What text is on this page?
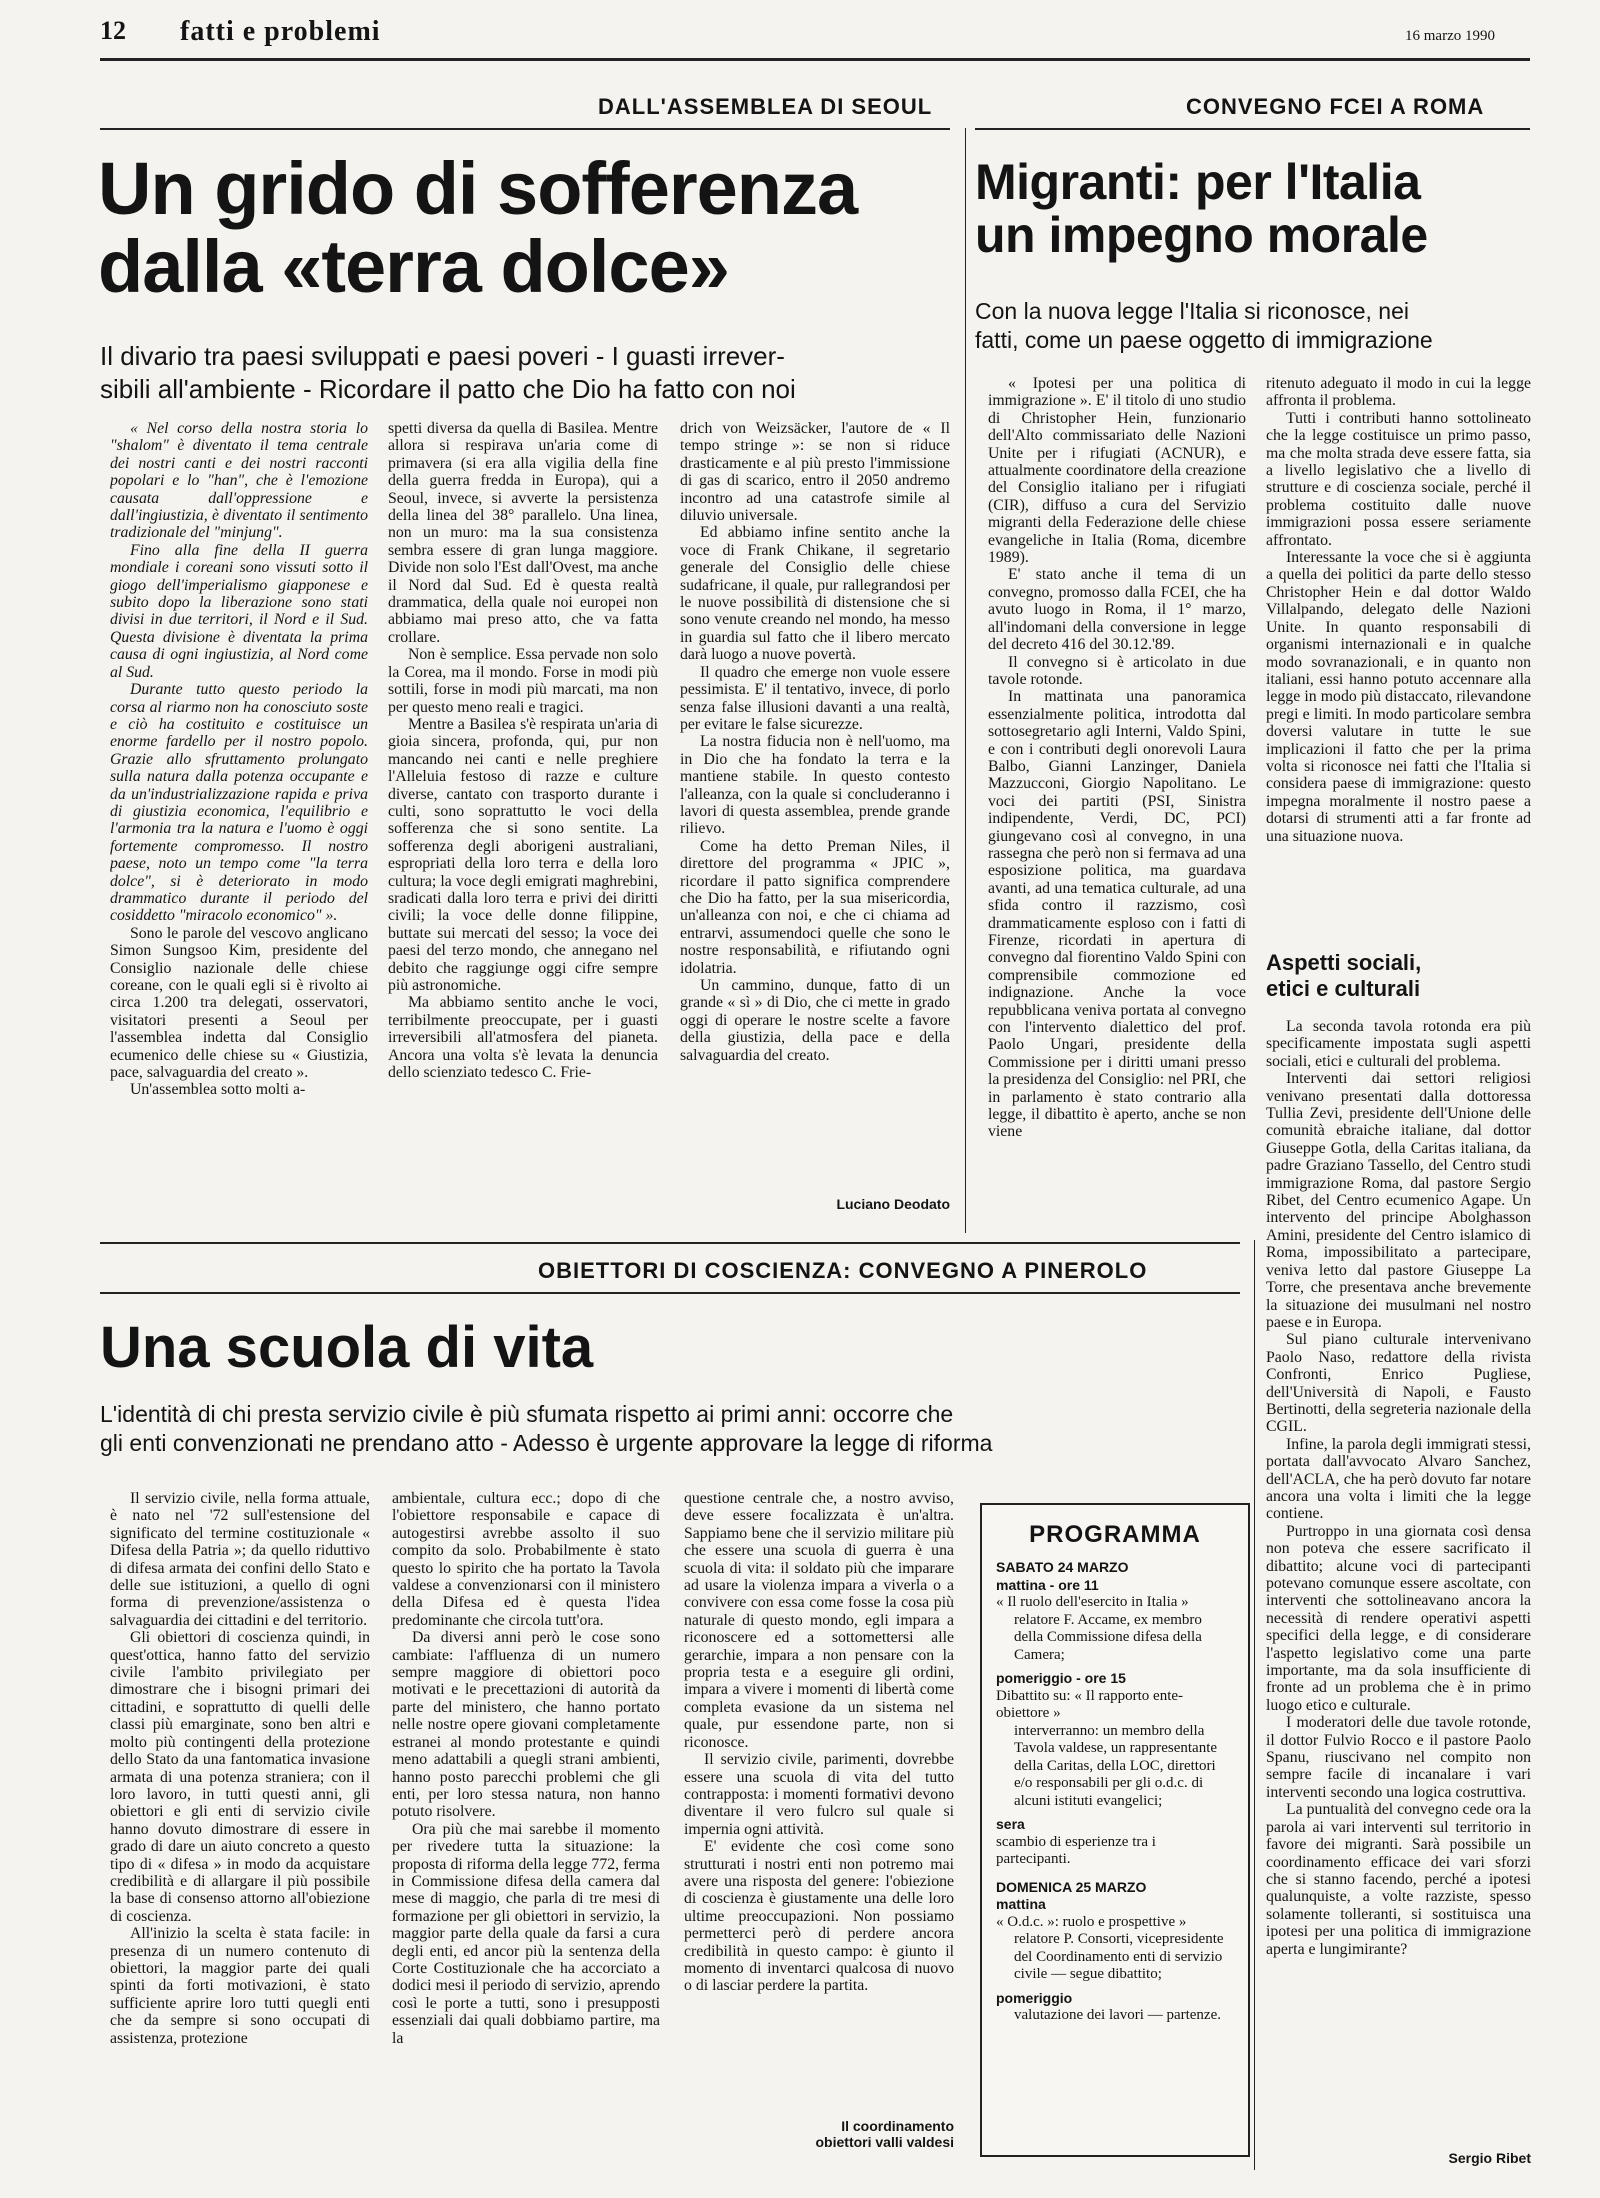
12 fatti e problemi	16 marzo 1990
DALL'ASSEMBLEA DI SEOUL
Un grido di sofferenza
dalla «terra dolce»
Il divario tra paesi sviluppati e paesi poveri - I guasti irrever-
sibili all'ambiente - Ricordare il patto che Dio ha fatto con noi

« Nel corso della nostra storia lo "shalom" è diventato il tema centrale dei nostri canti e dei nostri racconti popolari e lo "han", che è l'emozione causata dall'oppressione e dall'ingiustizia, è diventato il sentimento tradizionale del "minjung".

Fino alla fine della II guerra mondiale i coreani sono vissuti sotto il giogo dell'imperialismo giapponese e subito dopo la liberazione sono stati divisi in due territori, il Nord e il Sud. Questa divisione è diventata la prima causa di ogni ingiustizia, al Nord come al Sud.

Durante tutto questo periodo la corsa al riarmo non ha conosciuto soste e ciò ha costituito e costituisce un enorme fardello per il nostro popolo. Grazie allo sfruttamento prolungato sulla natura dalla potenza occupante e da un'industrializzazione rapida e priva di giustizia economica, l'equilibrio e l'armonia tra la natura e l'uomo è oggi fortemente compromesso. Il nostro paese, noto un tempo come "la terra dolce", si è deteriorato in modo drammatico durante il periodo del cosiddetto "miracolo economico" ».

Sono le parole del vescovo anglicano Simon Sungsoo Kim, presidente del Consiglio nazionale delle chiese coreane, con le quali egli si è rivolto ai circa 1.200 tra delegati, osservatori, visitatori presenti a Seoul per l'assemblea indetta dal Consiglio ecumenico delle chiese su « Giustizia, pace, salvaguardia del creato ».

Un'assemblea sotto molti a-

spetti diversa da quella di Basilea. Mentre allora si respirava un'aria come di primavera (si era alla vigilia della fine della guerra fredda in Europa), qui a Seoul, invece, si avverte la persistenza della linea del 38° parallelo. Una linea, non un muro: ma la sua consistenza sembra essere di gran lunga maggiore. Divide non solo l'Est dall'Ovest, ma anche il Nord dal Sud. Ed è questa realtà drammatica, della quale noi europei non abbiamo mai preso atto, che va fatta crollare.

Non è semplice. Essa pervade non solo la Corea, ma il mondo. Forse in modi più sottili, forse in modi più marcati, ma non per questo meno reali e tragici.

Mentre a Basilea s'è respirata un'aria di gioia sincera, profonda, qui, pur non mancando nei canti e nelle preghiere l'Alleluia festoso di razze e culture diverse, cantato con trasporto durante i culti, sono soprattutto le voci della sofferenza che si sono sentite. La sofferenza degli aborigeni australiani, espropriati della loro terra e della loro cultura; la voce degli emigrati maghrebini, sradicati dalla loro terra e privi dei diritti civili; la voce delle donne filippine, buttate sui mercati del sesso; la voce dei paesi del terzo mondo, che annegano nel debito che raggiunge oggi cifre sempre più astronomiche.

Ma abbiamo sentito anche le voci, terribilmente preoccupate, per i guasti irreversibili all'atmosfera del pianeta. Ancora una volta s'è levata la denuncia dello scienziato tedesco C. Frie-

drich von Weizsäcker, l'autore de « Il tempo stringe »: se non si riduce drasticamente e al più presto l'immissione di gas di scarico, entro il 2050 andremo incontro ad una catastrofe simile al diluvio universale.

Ed abbiamo infine sentito anche la voce di Frank Chikane, il segretario generale del Consiglio delle chiese sudafricane, il quale, pur rallegrandosi per le nuove possibilità di distensione che si sono venute creando nel mondo, ha messo in guardia sul fatto che il libero mercato darà luogo a nuove povertà.

Il quadro che emerge non vuole essere pessimista. E' il tentativo, invece, di porlo senza false illusioni davanti a una realtà, per evitare le false sicurezze.

La nostra fiducia non è nell'uomo, ma in Dio che ha fondato la terra e la mantiene stabile. In questo contesto l'alleanza, con la quale si concluderanno i lavori di questa assemblea, prende grande rilievo.

Come ha detto Preman Niles, il direttore del programma « JPIC », ricordare il patto significa comprendere che Dio ha fatto, per la sua misericordia, un'alleanza con noi, e che ci chiama ad entrarvi, assumendoci quelle che sono le nostre responsabilità, e rifiutando ogni idolatria.

Un cammino, dunque, fatto di un grande « sì » di Dio, che ci mette in grado oggi di operare le nostre scelte a favore della giustizia, della pace e della salvaguardia del creato.

Luciano Deodato
CONVEGNO FCEI A ROMA
Migranti: per l'Italia
un impegno morale
Con la nuova legge l'Italia si riconosce, nei
fatti, come un paese oggetto di immigrazione

« Ipotesi per una politica di immigrazione ». E' il titolo di uno studio di Christopher Hein, funzionario dell'Alto commissariato delle Nazioni Unite per i rifugiati (ACNUR), e attualmente coordinatore della creazione del Consiglio italiano per i rifugiati (CIR), diffuso a cura del Servizio migranti della Federazione delle chiese evangeliche in Italia (Roma, dicembre 1989).

E' stato anche il tema di un convegno, promosso dalla FCEI, che ha avuto luogo in Roma, il 1° marzo, all'indomani della conversione in legge del decreto 416 del 30.12.'89.

Il convegno si è articolato in due tavole rotonde.

In mattinata una panoramica essenzialmente politica, introdotta dal sottosegretario agli Interni, Valdo Spini, e con i contributi degli onorevoli Laura Balbo, Gianni Lanzinger, Daniela Mazzucconi, Giorgio Napolitano. Le voci dei partiti (PSI, Sinistra indipendente, Verdi, DC, PCI) giungevano così al convegno, in una rassegna che però non si fermava ad una esposizione politica, ma guardava avanti, ad una tematica culturale, ad una sfida contro il razzismo, così drammaticamente esploso con i fatti di Firenze, ricordati in apertura di convegno dal fiorentino Valdo Spini con comprensibile commozione ed indignazione. Anche la voce repubblicana veniva portata al convegno con l'intervento dialettico del prof. Paolo Ungari, presidente della Commissione per i diritti umani presso la presidenza del Consiglio: nel PRI, che in parlamento è stato contrario alla legge, il dibattito è aperto, anche se non viene

ritenuto adeguato il modo in cui la legge affronta il problema.

Tutti i contributi hanno sottolineato che la legge costituisce un primo passo, ma che molta strada deve essere fatta, sia a livello legislativo che a livello di strutture e di coscienza sociale, perché il problema costituito dalle nuove immigrazioni possa essere seriamente affrontato.

Interessante la voce che si è aggiunta a quella dei politici da parte dello stesso Christopher Hein e dal dottor Waldo Villalpando, delegato delle Nazioni Unite. In quanto responsabili di organismi internazionali e in qualche modo sovranazionali, e in quanto non italiani, essi hanno potuto accennare alla legge in modo più distaccato, rilevandone pregi e limiti. In modo particolare sembra doversi valutare in tutte le sue implicazioni il fatto che per la prima volta si riconosce nei fatti che l'Italia si considera paese di immigrazione: questo impegna moralmente il nostro paese a dotarsi di strumenti atti a far fronte ad una situazione nuova.

Aspetti sociali,
etici e culturali

La seconda tavola rotonda era più specificamente impostata sugli aspetti sociali, etici e culturali del problema.

Interventi dai settori religiosi venivano presentati dalla dottoressa Tullia Zevi, presidente dell'Unione delle comunità ebraiche italiane, dal dottor Giuseppe Gotla, della Caritas italiana, da padre Graziano Tassello, del Centro studi immigrazione Roma, dal pastore Sergio Ribet, del Centro ecumenico Agape. Un intervento del principe Abolghasson Amini, presidente del Centro islamico di Roma, impossibilitato a partecipare, veniva letto dal pastore Giuseppe La Torre, che presentava anche brevemente la situazione dei musulmani nel nostro paese e in Europa.

Sul piano culturale intervenivano Paolo Naso, redattore della rivista Confronti, Enrico Pugliese, dell'Università di Napoli, e Fausto Bertinotti, della segreteria nazionale della CGIL.

Infine, la parola degli immigrati stessi, portata dall'avvocato Alvaro Sanchez, dell'ACLA, che ha però dovuto far notare ancora una volta i limiti che la legge contiene.

Purtroppo in una giornata così densa non poteva che essere sacrificato il dibattito; alcune voci di partecipanti potevano comunque essere ascoltate, con interventi che sottolineavano ancora la necessità di rendere operativi aspetti specifici della legge, e di considerare l'aspetto legislativo come una parte importante, ma da sola insufficiente di fronte ad un problema che è in primo luogo etico e culturale.

I moderatori delle due tavole rotonde, il dottor Fulvio Rocco e il pastore Paolo Spanu, riuscivano nel compito non sempre facile di incanalare i vari interventi secondo una logica costruttiva.

La puntualità del convegno cede ora la parola ai vari interventi sul territorio in favore dei migranti. Sarà possibile un coordinamento efficace dei vari sforzi che si stanno facendo, perché a ipotesi qualunquiste, a volte razziste, spesso solamente tolleranti, si sostituisca una ipotesi per una politica di immigrazione aperta e lungimirante?

Sergio Ribet
OBIETTORI DI COSCIENZA: CONVEGNO A PINEROLO
Una scuola di vita
L'identità di chi presta servizio civile è più sfumata rispetto ai primi anni: occorre che
gli enti convenzionati ne prendano atto - Adesso è urgente approvare la legge di riforma

Il servizio civile, nella forma attuale, è nato nel '72 sull'estensione del significato del termine costituzionale « Difesa della Patria »; da quello riduttivo di difesa armata dei confini dello Stato e delle sue istituzioni, a quello di ogni forma di prevenzione/assistenza o salvaguardia dei cittadini e del territorio.

Gli obiettori di coscienza quindi, in quest'ottica, hanno fatto del servizio civile l'ambito privilegiato per dimostrare che i bisogni primari dei cittadini, e soprattutto di quelli delle classi più emarginate, sono ben altri e molto più contingenti della protezione dello Stato da una fantomatica invasione armata di una potenza straniera; con il loro lavoro, in tutti questi anni, gli obiettori e gli enti di servizio civile hanno dovuto dimostrare di essere in grado di dare un aiuto concreto a questo tipo di « difesa » in modo da acquistare credibilità e di allargare il più possibile la base di consenso attorno all'obiezione di coscienza.

All'inizio la scelta è stata facile: in presenza di un numero contenuto di obiettori, la maggior parte dei quali spinti da forti motivazioni, è stato sufficiente aprire loro tutti quegli enti che da sempre si sono occupati di assistenza, protezione

ambientale, cultura ecc.; dopo di che l'obiettore responsabile e capace di autogestirsi avrebbe assolto il suo compito da solo. Probabilmente è stato questo lo spirito che ha portato la Tavola valdese a convenzionarsi con il ministero della Difesa ed è questa l'idea predominante che circola tutt'ora.

Da diversi anni però le cose sono cambiate: l'affluenza di un numero sempre maggiore di obiettori poco motivati e le precettazioni di autorità da parte del ministero, che hanno portato nelle nostre opere giovani completamente estranei al mondo protestante e quindi meno adattabili a quegli strani ambienti, hanno posto parecchi problemi che gli enti, per loro stessa natura, non hanno potuto risolvere.

Ora più che mai sarebbe il momento per rivedere tutta la situazione: la proposta di riforma della legge 772, ferma in Commissione difesa della camera dal mese di maggio, che parla di tre mesi di formazione per gli obiettori in servizio, la maggior parte della quale da farsi a cura degli enti, ed ancor più la sentenza della Corte Costituzionale che ha accorciato a dodici mesi il periodo di servizio, aprendo così le porte a tutti, sono i presupposti essenziali dai quali dobbiamo partire, ma la

questione centrale che, a nostro avviso, deve essere focalizzata è un'altra. Sappiamo bene che il servizio militare più che essere una scuola di guerra è una scuola di vita: il soldato più che imparare ad usare la violenza impara a viverla o a convivere con essa come fosse la cosa più naturale di questo mondo, egli impara a riconoscere ed a sottomettersi alle gerarchie, impara a non pensare con la propria testa e a eseguire gli ordini, impara a vivere i momenti di libertà come completa evasione da un sistema nel quale, pur essendone parte, non si riconosce.

Il servizio civile, parimenti, dovrebbe essere una scuola di vita del tutto contrapposta: i momenti formativi devono diventare il vero fulcro sul quale si impernia ogni attività.

E' evidente che così come sono strutturati i nostri enti non potremo mai avere una risposta del genere: l'obiezione di coscienza è giustamente una delle loro ultime preoccupazioni. Non possiamo permetterci però di perdere ancora credibilità in questo campo: è giunto il momento di inventarci qualcosa di nuovo o di lasciar perdere la partita.

Il coordinamento
obiettori valli valdesi
PROGRAMMA
SABATO 24 MARZO
mattina - ore 11
« Il ruolo dell'esercito in Italia »
relatore F. Accame, ex membro della Commissione difesa della Camera;
pomeriggio - ore 15
Dibattito su: « Il rapporto ente-obiettore »
interverranno: un membro della Tavola valdese, un rappresentante della Caritas, della LOC, direttori e/o responsabili per gli o.d.c. di alcuni istituti evangelici;
sera
scambio di esperienze tra i partecipanti.
DOMENICA 25 MARZO
mattina
« O.d.c. »: ruolo e prospettive »
relatore P. Consorti, vicepresidente del Coordinamento enti di servizio civile — segue dibattito;
pomeriggio
valutazione dei lavori — partenze.
